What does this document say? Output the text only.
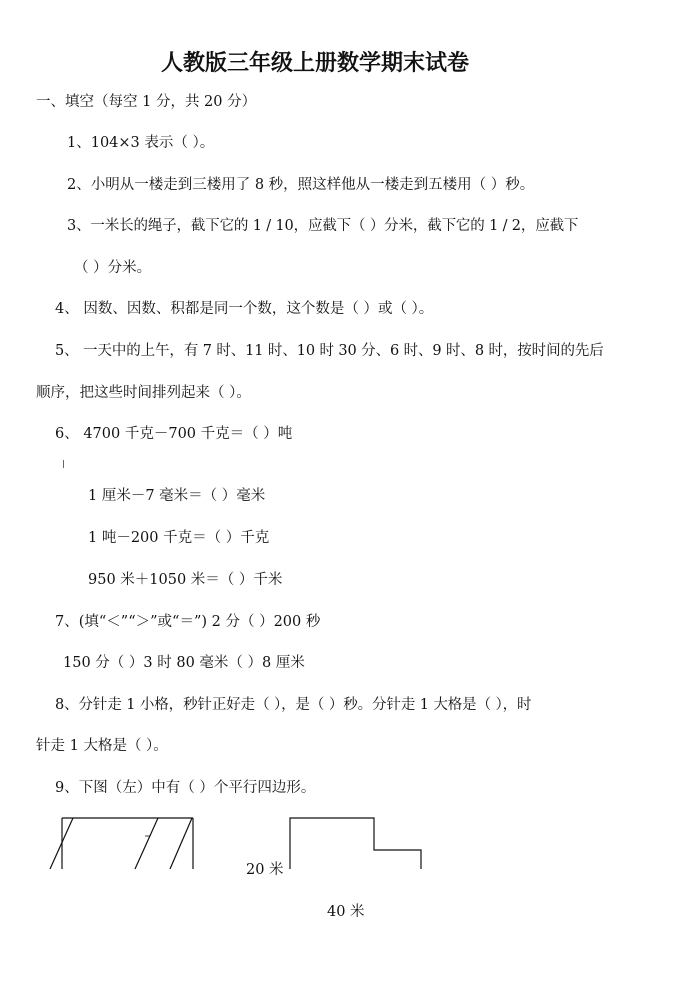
人教版三年级上册数学期末试卷
一、填空（每空 1 分，共 20 分）
1、104×3 表示（ ）。
2、小明从一楼走到三楼用了 8 秒，照这样他从一楼走到五楼用（ ）秒。
3、一米长的绳子，截下它的 1 / 10，应截下（ ）分米，截下它的 1 / 2，应截下
（ ）分米。
4、 因数、因数、积都是同一个数，这个数是（ ）或（ ）。
5、 一天中的上午，有 7 时、11 时、10 时 30 分、6 时、9 时、8 时，按时间的先后
顺序，把这些时间排列起来（ ）。
6、 4700 千克－700 千克＝（ ）吨
1 厘米－7 毫米＝（ ）毫米
1 吨－200 千克＝（ ）千克
950 米＋1050 米＝（ ）千米
7、(填“＜”“＞”或“＝”) 2 分（ ）200 秒
150 分（ ）3 时 80 毫米（ ）8 厘米
8、分针走 1 小格，秒针正好走（ ），是（ ）秒。分针走 1 大格是（ ），时
针走 1 大格是（ ）。
9、下图（左）中有（ ）个平行四边形。
20 米
40 米
